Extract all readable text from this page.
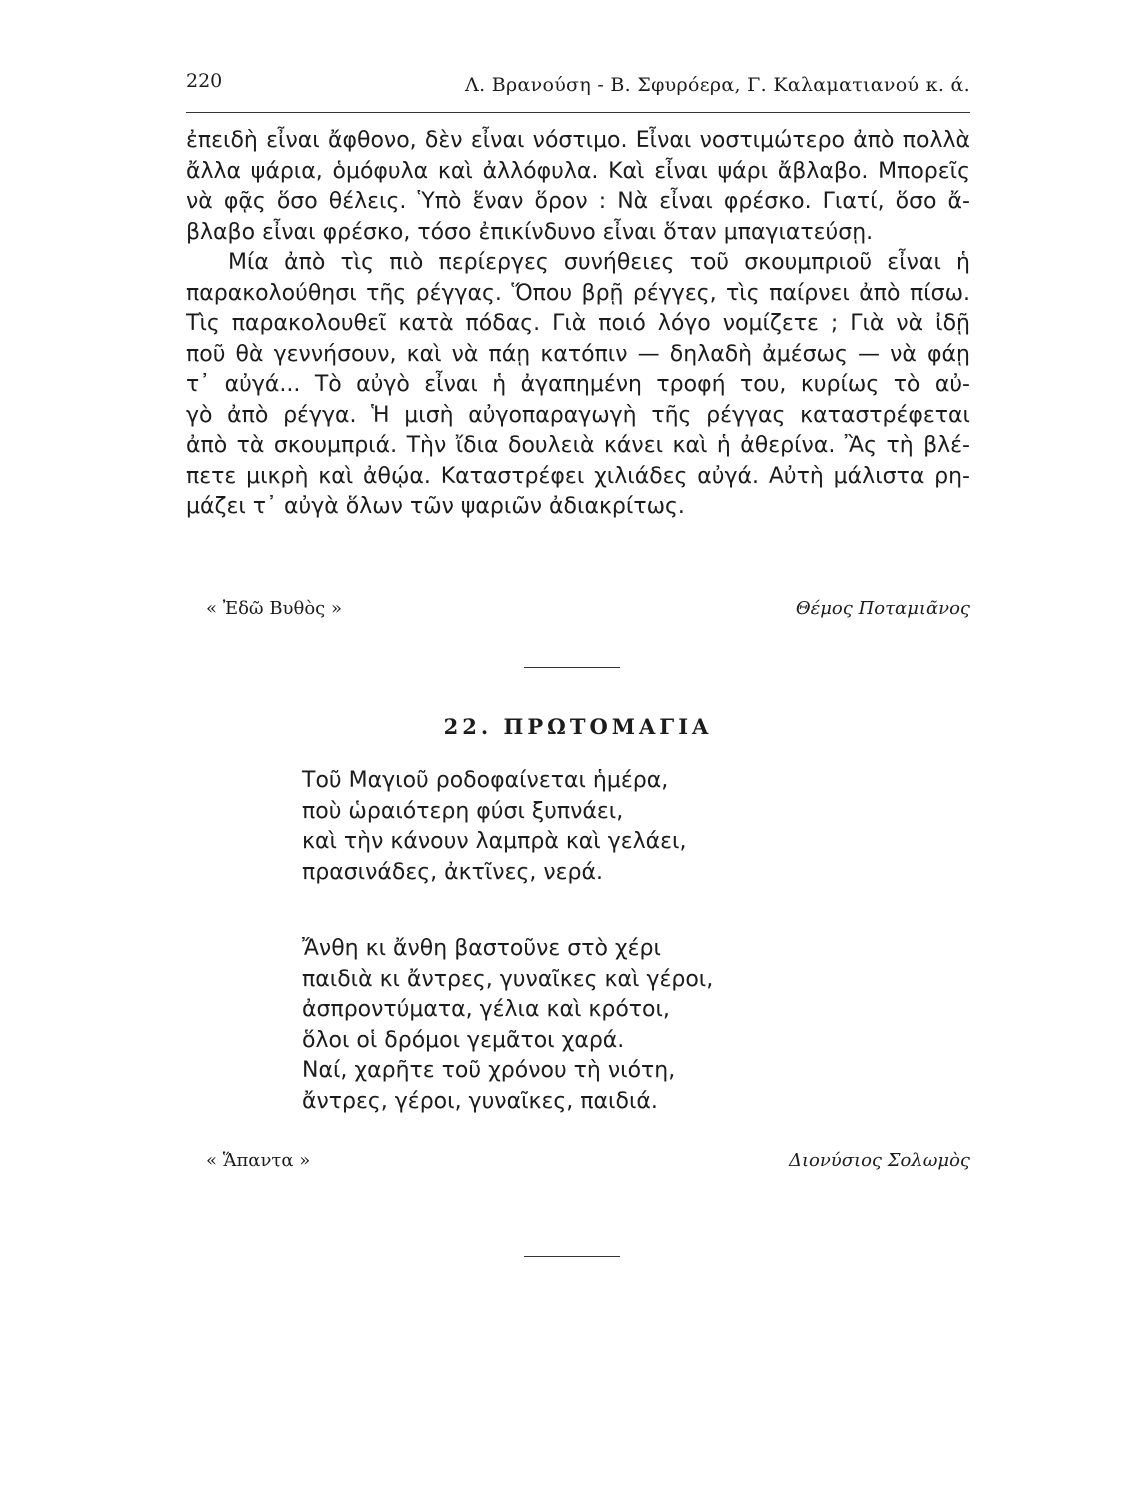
220	Λ. Βρανούση - Β. Σφυρόερα, Γ. Καλαματιανού κ. ά.

ἐπειδὴ εἶναι ἄφθονο, δὲν εἶναι νόστιμο. Εἶναι νοστιμώτερο ἀπὸ πολλὰ

ἄλλα ψάρια, ὁμόφυλα καὶ ἀλλόφυλα. Καὶ εἶναι ψάρι ἄβλαβο. Μπορεῖς

νὰ φᾷς ὅσο θέλεις. Ὑπὸ ἕναν ὅρον : Νὰ εἶναι φρέσκο. Γιατί, ὅσο ἄ-

βλαβο εἶναι φρέσκο, τόσο ἐπικίνδυνο εἶναι ὅταν μπαγιατεύσῃ.

Μία ἀπὸ τὶς πιὸ περίεργες συνήθειες τοῦ σκουμπριοῦ εἶναι ἡ

παρακολούθησι τῆς ρέγγας. Ὅπου βρῇ ρέγγες, τὶς παίρνει ἀπὸ πίσω.

Τὶς παρακολουθεῖ κατὰ πόδας. Γιὰ ποιό λόγο νομίζετε ; Γιὰ νὰ ἰδῇ

ποῦ θὰ γεννήσουν, καὶ νὰ πάῃ κατόπιν — δηλαδὴ ἀμέσως — νὰ φάῃ

τ᾽ αὐγά... Τὸ αὐγὸ εἶναι ἡ ἀγαπημένη τροφή του, κυρίως τὸ αὐ-

γὸ ἀπὸ ρέγγα. Ἡ μισὴ αὐγοπαραγωγὴ τῆς ρέγγας καταστρέφεται

ἀπὸ τὰ σκουμπριά. Τὴν ἴδια δουλειὰ κάνει καὶ ἡ ἀθερίνα. Ἂς τὴ βλέ-

πετε μικρὴ καὶ ἀθῴα. Καταστρέφει χιλιάδες αὐγά. Αὐτὴ μάλιστα ρη-

μάζει τ᾽ αὐγὰ ὅλων τῶν ψαριῶν ἀδιακρίτως.

« Ἐδῶ Βυθὸς »	Θέμος Ποταμιᾶνος
22. ΠΡΩΤΟΜΑΓΙΑ
Τοῦ Μαγιοῦ ροδοφαίνεται ἡμέρα,
ποὺ ὡραιότερη φύσι ξυπνάει,
καὶ τὴν κάνουν λαμπρὰ καὶ γελάει,
πρασινάδες, ἀκτῖνες, νερά.
Ἄνθη κι ἄνθη βαστοῦνε στὸ χέρι
παιδιὰ κι ἄντρες, γυναῖκες καὶ γέροι,
ἀσπροντύματα, γέλια καὶ κρότοι,
ὅλοι οἱ δρόμοι γεμᾶτοι χαρά.
Ναί, χαρῆτε τοῦ χρόνου τὴ νιότη,
ἄντρες, γέροι, γυναῖκες, παιδιά.
« Ἅπαντα »	Διονύσιος Σολωμὸς
